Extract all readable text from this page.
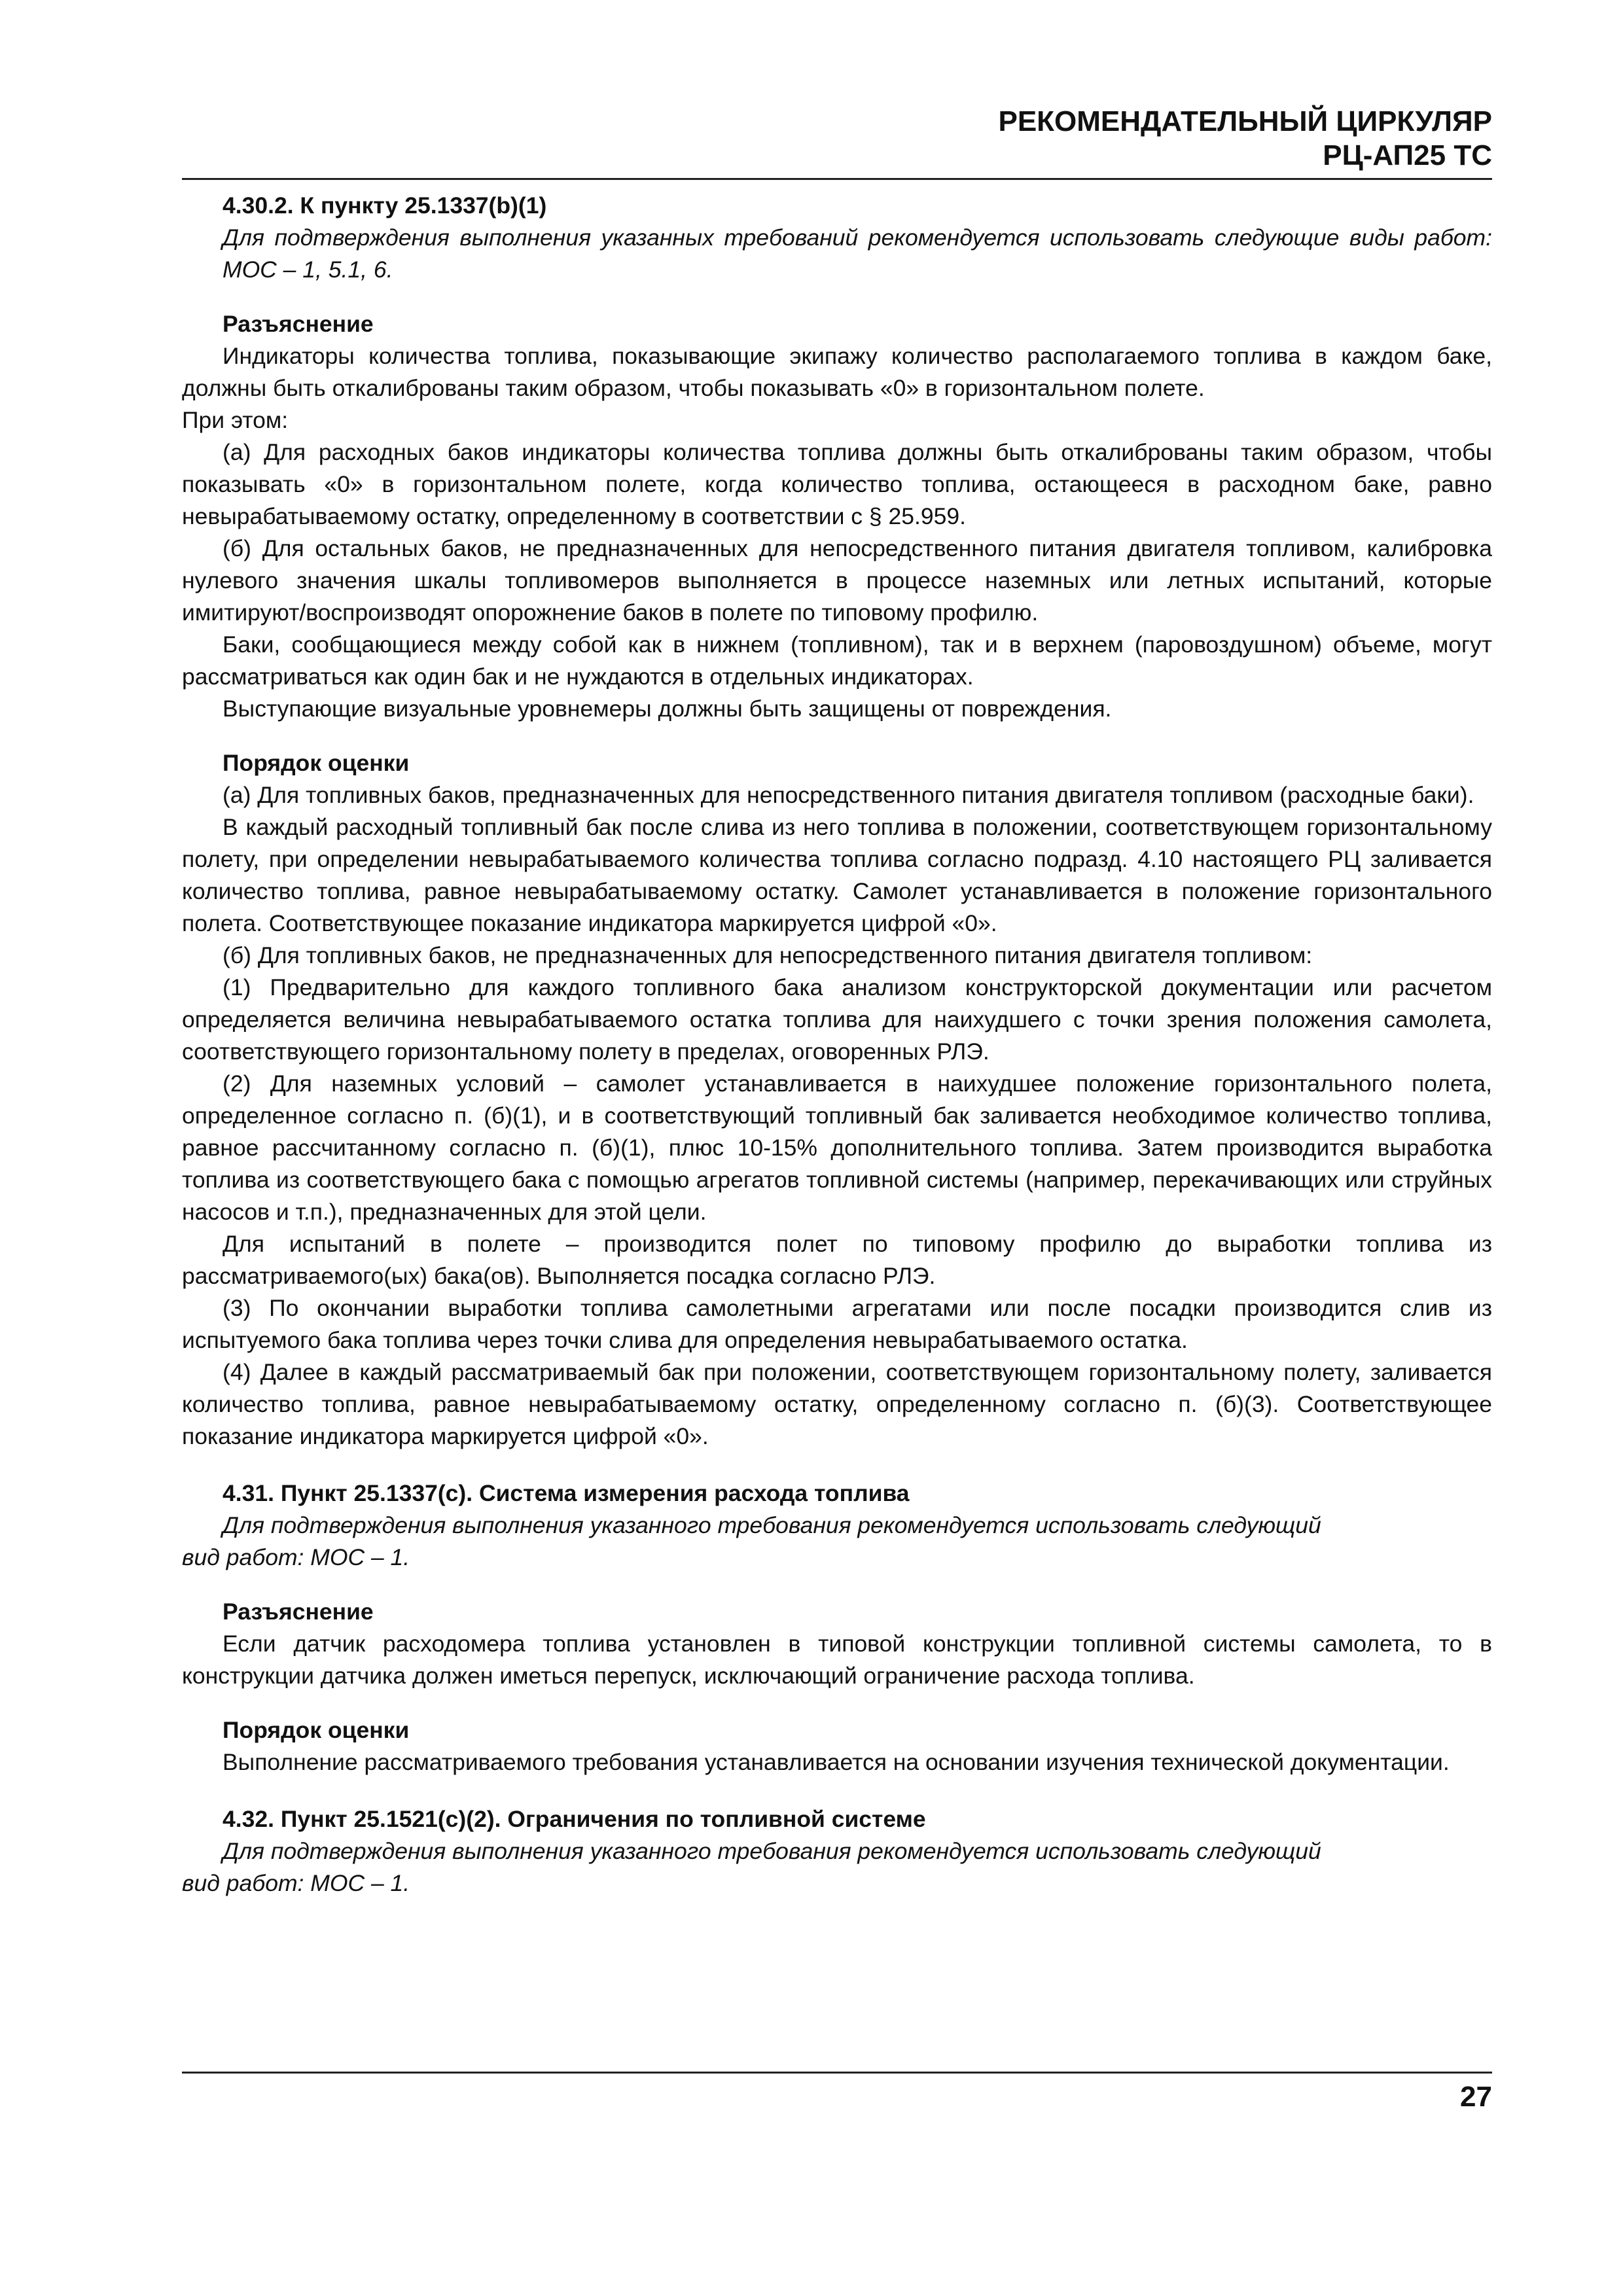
РЕКОМЕНДАТЕЛЬНЫЙ ЦИРКУЛЯР
РЦ-АП25 ТС

4.30.2. К пункту 25.1337(b)(1)

Для подтверждения выполнения указанных требований рекомендуется использовать следующие виды работ: МОС – 1, 5.1, 6.

Разъяснение

Индикаторы количества топлива, показывающие экипажу количество располагаемого топлива в каждом баке, должны быть откалиброваны таким образом, чтобы показывать «0» в горизонтальном полете.

При этом:

(а) Для расходных баков индикаторы количества топлива должны быть откалиброваны таким образом, чтобы показывать «0» в горизонтальном полете, когда количество топлива, остающееся в расходном баке, равно невырабатываемому остатку, определенному в соответствии с § 25.959.

(б) Для остальных баков, не предназначенных для непосредственного питания двигателя топливом, калибровка нулевого значения шкалы топливомеров выполняется в процессе наземных или летных испытаний, которые имитируют/воспроизводят опорожнение баков в полете по типовому профилю.

Баки, сообщающиеся между собой как в нижнем (топливном), так и в верхнем (паровоздушном) объеме, могут рассматриваться как один бак и не нуждаются в отдельных индикаторах.

Выступающие визуальные уровнемеры должны быть защищены от повреждения.

Порядок оценки

(а) Для топливных баков, предназначенных для непосредственного питания двигателя топливом (расходные баки).

В каждый расходный топливный бак после слива из него топлива в положении, соответствующем горизонтальному полету, при определении невырабатываемого количества топлива согласно подразд. 4.10 настоящего РЦ заливается количество топлива, равное невырабатываемому остатку. Самолет устанавливается в положение горизонтального полета. Соответствующее показание индикатора маркируется цифрой «0».

(б) Для топливных баков, не предназначенных для непосредственного питания двигателя топливом:

(1) Предварительно для каждого топливного бака анализом конструкторской документации или расчетом определяется величина невырабатываемого остатка топлива для наихудшего с точки зрения положения самолета, соответствующего горизонтальному полету в пределах, оговоренных РЛЭ.

(2) Для наземных условий – самолет устанавливается в наихудшее положение горизонтального полета, определенное согласно п. (б)(1), и в соответствующий топливный бак заливается необходимое количество топлива, равное рассчитанному согласно п. (б)(1), плюс 10-15% дополнительного топлива. Затем производится выработка топлива из соответствующего бака с помощью агрегатов топливной системы (например, перекачивающих или струйных насосов и т.п.), предназначенных для этой цели.

Для испытаний в полете – производится полет по типовому профилю до выработки топлива из рассматриваемого(ых) бака(ов). Выполняется посадка согласно РЛЭ.

(3) По окончании выработки топлива самолетными агрегатами или после посадки производится слив из испытуемого бака топлива через точки слива для определения невырабатываемого остатка.

(4) Далее в каждый рассматриваемый бак при положении, соответствующем горизонтальному полету, заливается количество топлива, равное невырабатываемому остатку, определенному согласно п. (б)(3). Соответствующее показание индикатора маркируется цифрой «0».

4.31. Пункт 25.1337(с). Система измерения расхода топлива

Для подтверждения выполнения указанного требования рекомендуется использовать следующий

вид работ: МОС – 1.

Разъяснение

Если датчик расходомера топлива установлен в типовой конструкции топливной системы самолета, то в конструкции датчика должен иметься перепуск, исключающий ограничение расхода топлива.

Порядок оценки

Выполнение рассматриваемого требования устанавливается на основании изучения технической документации.

4.32. Пункт 25.1521(с)(2). Ограничения по топливной системе

Для подтверждения выполнения указанного требования рекомендуется использовать следующий

вид работ: МОС – 1.

27
